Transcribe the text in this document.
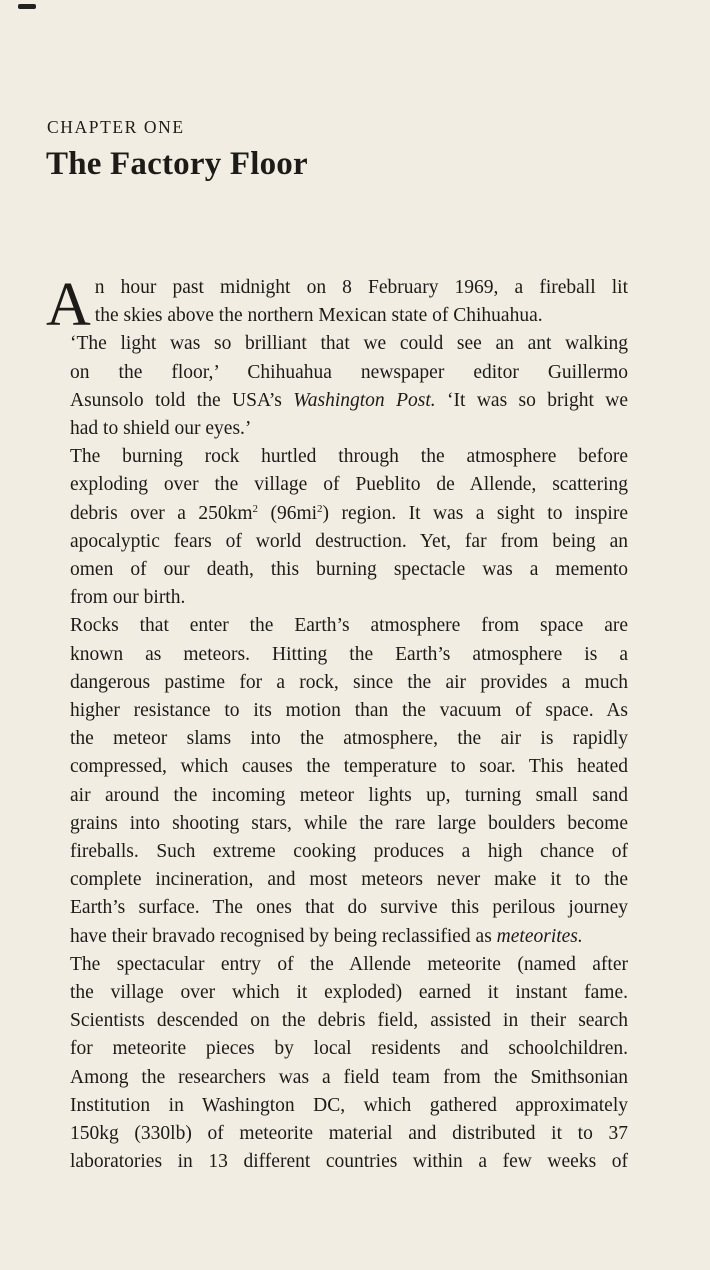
CHAPTER ONE
The Factory Floor

A n hour past midnight on 8 February 1969, a fireball lit
the skies above the northern Mexican state of Chihuahua.

‘The light was so brilliant that we could see an ant walking
on the floor,’ Chihuahua newspaper editor Guillermo
Asunsolo told the USA’s Washington Post. ‘It was so bright we
had to shield our eyes.’

The burning rock hurtled through the atmosphere before
exploding over the village of Pueblito de Allende, scattering
debris over a $250km^2$ $(96mi^2)$ region. It was a sight to inspire
apocalyptic fears of world destruction. Yet, far from being an
omen of our death, this burning spectacle was a memento
from our birth.

Rocks that enter the Earth’s atmosphere from space are
known as meteors. Hitting the Earth’s atmosphere is a
dangerous pastime for a rock, since the air provides a much
higher resistance to its motion than the vacuum of space. As
the meteor slams into the atmosphere, the air is rapidly
compressed, which causes the temperature to soar. This heated
air around the incoming meteor lights up, turning small sand
grains into shooting stars, while the rare large boulders become
fireballs. Such extreme cooking produces a high chance of
complete incineration, and most meteors never make it to the
Earth’s surface. The ones that do survive this perilous journey
have their bravado recognised by being reclassified as meteorites.

The spectacular entry of the Allende meteorite (named after
the village over which it exploded) earned it instant fame.
Scientists descended on the debris field, assisted in their search
for meteorite pieces by local residents and schoolchildren.
Among the researchers was a field team from the Smithsonian
Institution in Washington DC, which gathered approximately
150kg (330lb) of meteorite material and distributed it to 37
laboratories in 13 different countries within a few weeks of
